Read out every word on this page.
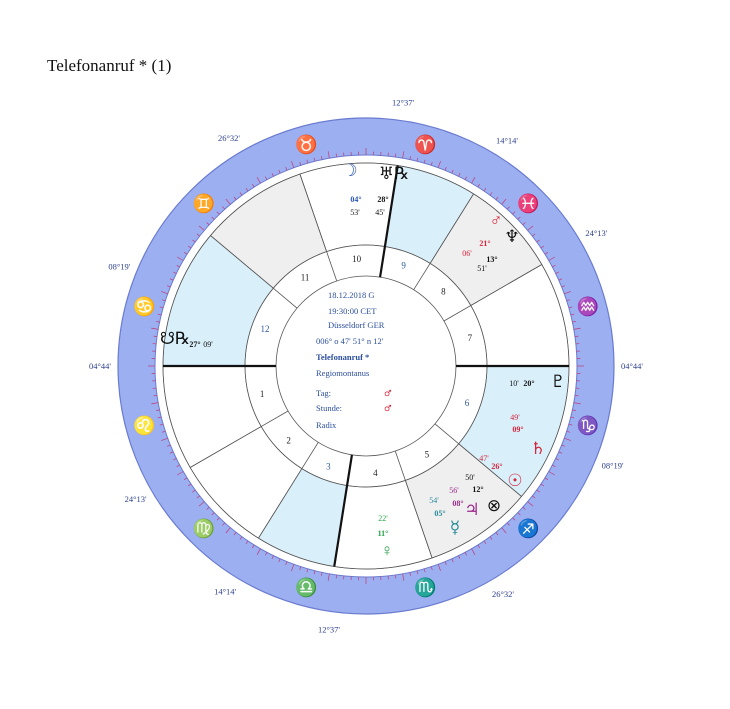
Telefonanruf * (1)
1
2
3
4
5
6
7
8
9
10
11
12
♈
♓
♒
♑
♐
♏
♎
♍
♌
♋
♊
♉
12°37'
14°14'
24°13'
04°44'
08°19'
26°32'
12°37'
14°14'
24°13'
04°44'
08°19'
26°32'
☽
04°
53'
♅℞
28°
45'	♂
21°
06'
♆
13°
51'
☋℞ 27° 09'
♇
20°
10'
♄
09°
49'
☉
26°
47'
⊗
12°
50'
♃
08°
56'
☿
05°
54'
♀
11°
22'
18.12.2018 G
19:30:00 CET
Düsseldorf GER
006° o 47' 51° n 12'
Telefonanruf *
Regiomontanus
Tag:	♂
Stunde:	♂
Radix
